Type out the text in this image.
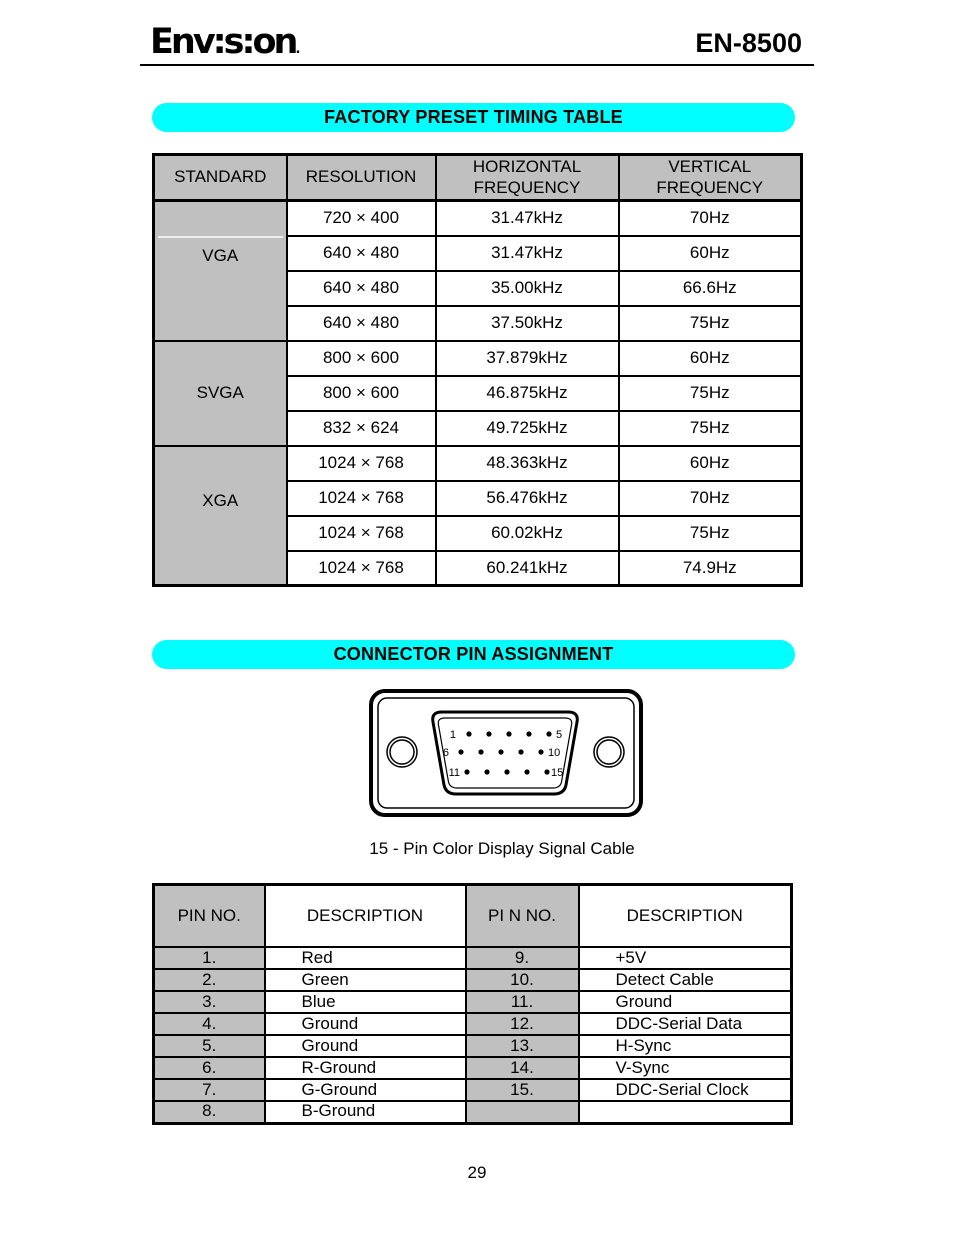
Env:s:on.	EN-8500
FACTORY PRESET TIMING TABLE
STANDARD	RESOLUTION	HORIZONTAL FREQUENCY	VERTICAL FREQUENCY
VGA	720 × 400	31.47kHz	70Hz
	640 × 480	31.47kHz	60Hz
	640 × 480	35.00kHz	66.6Hz
	640 × 480	37.50kHz	75Hz
SVGA	800 × 600	37.879kHz	60Hz
	800 × 600	46.875kHz	75Hz
	832 × 624	49.725kHz	75Hz
XGA	1024 × 768	48.363kHz	60Hz
	1024 × 768	56.476kHz	70Hz
	1024 × 768	60.02kHz	75Hz
	1024 × 768	60.241kHz	74.9Hz
CONNECTOR PIN ASSIGNMENT
1	5
6	10
11	15
15 - Pin Color Display Signal Cable
PIN NO.	DESCRIPTION	PI N NO.	DESCRIPTION
1.	Red	9.	+5V
2.	Green	10.	Detect Cable
3.	Blue	11.	Ground
4.	Ground	12.	DDC-Serial Data
5.	Ground	13.	H-Sync
6.	R-Ground	14.	V-Sync
7.	G-Ground	15.	DDC-Serial Clock
8.	B-Ground		
29
